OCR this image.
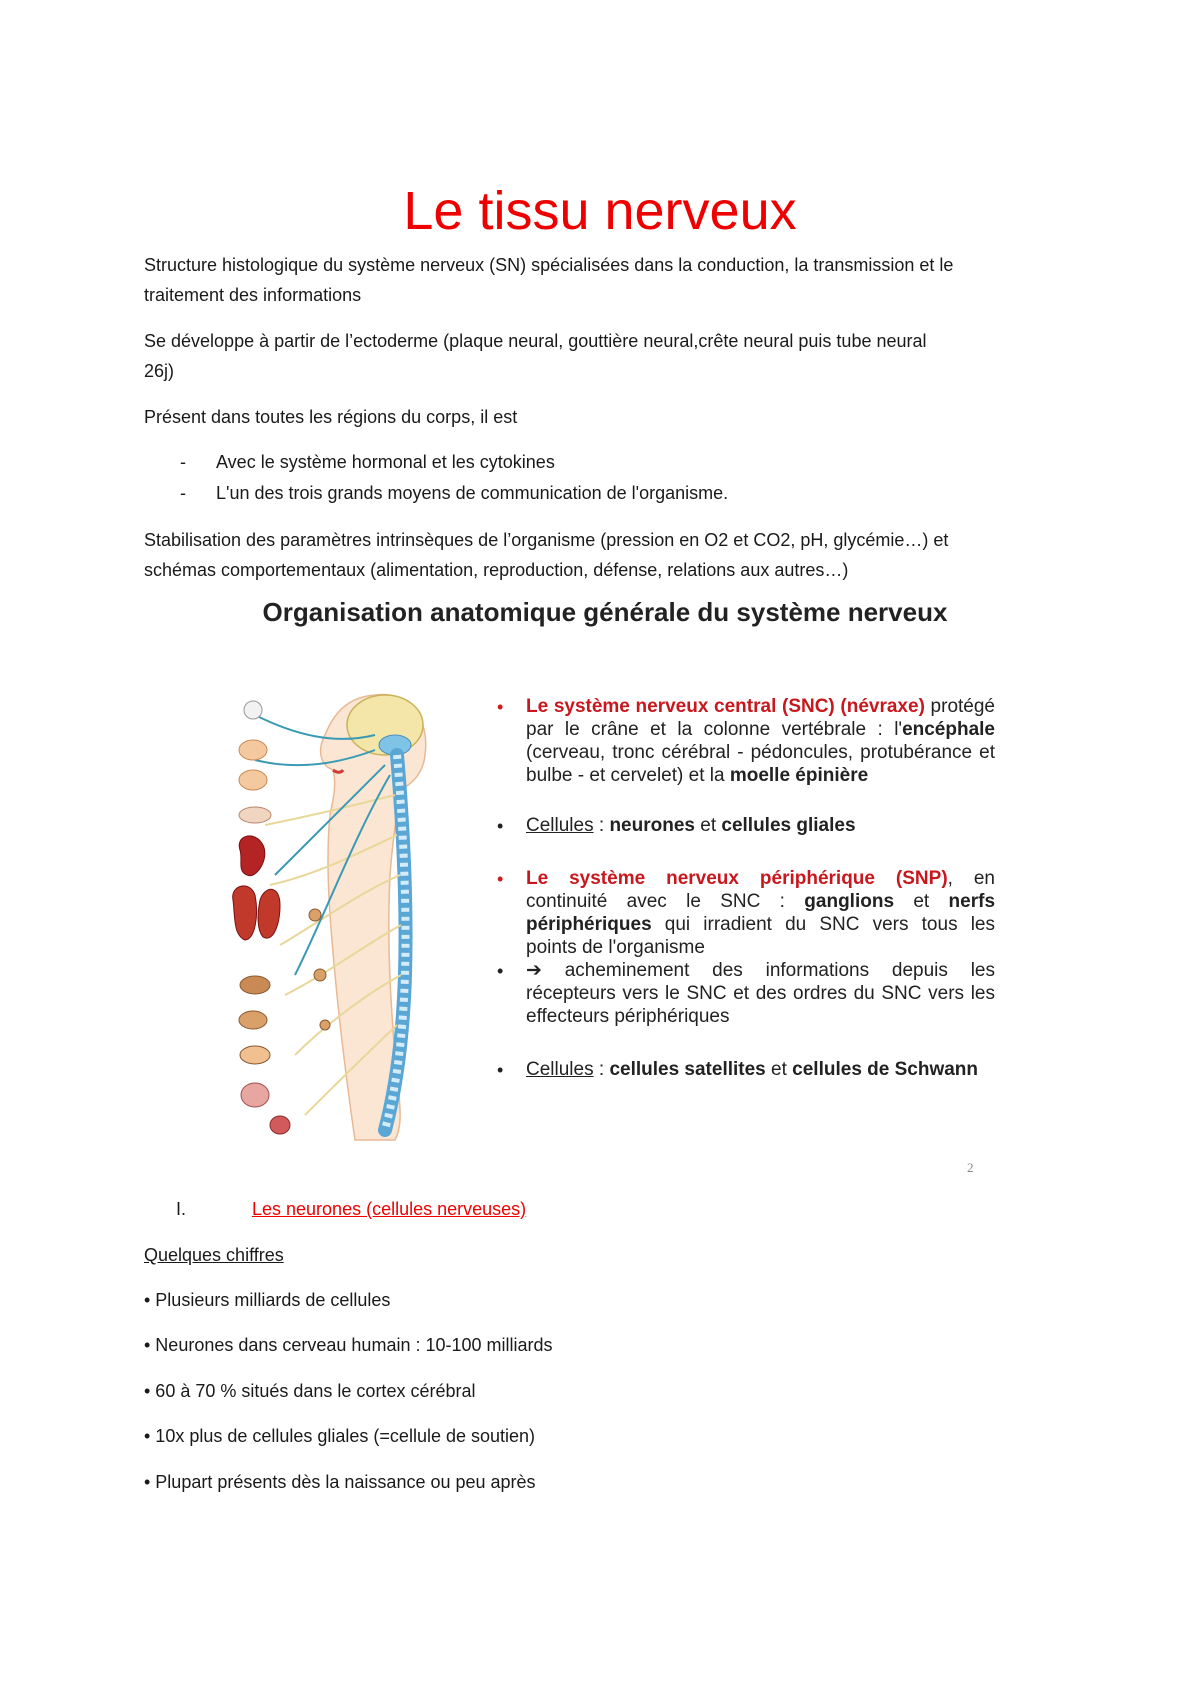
Le tissu nerveux

Structure histologique du système nerveux (SN) spécialisées dans la conduction, la transmission et le

traitement des informations

Se développe à partir de l’ectoderme (plaque neural, gouttière neural,crête neural puis tube neural

26j)

Présent dans toutes les régions du corps, il est

- Avec le système hormonal et les cytokines
- L'un des trois grands moyens de communication de l'organisme.

Stabilisation des paramètres intrinsèques de l’organisme (pression en O2 et CO2, pH, glycémie…) et

schémas comportementaux (alimentation, reproduction, défense, relations aux autres…)

Organisation anatomique générale du système nerveux
• Le système nerveux central (SNC) (névraxe) protégé par le crâne et la colonne vertébrale : l'encéphale (cerveau, tronc cérébral - pédoncules, protubérance et bulbe - et cervelet) et la moelle épinière
• Cellules : neurones et cellules gliales
• Le système nerveux périphérique (SNP), en continuité avec le SNC : ganglions et nerfs périphériques qui irradient du SNC vers tous les points de l'organisme
• ➔ acheminement des informations depuis les récepteurs vers le SNC et des ordres du SNC vers les effecteurs périphériques
• Cellules : cellules satellites et cellules de Schwann
2
I.	Les neurones (cellules nerveuses)
Quelques chiffres
• Plusieurs milliards de cellules
• Neurones dans cerveau humain : 10-100 milliards
• 60 à 70 % situés dans le cortex cérébral
• 10x plus de cellules gliales (=cellule de soutien)
• Plupart présents dès la naissance ou peu après
